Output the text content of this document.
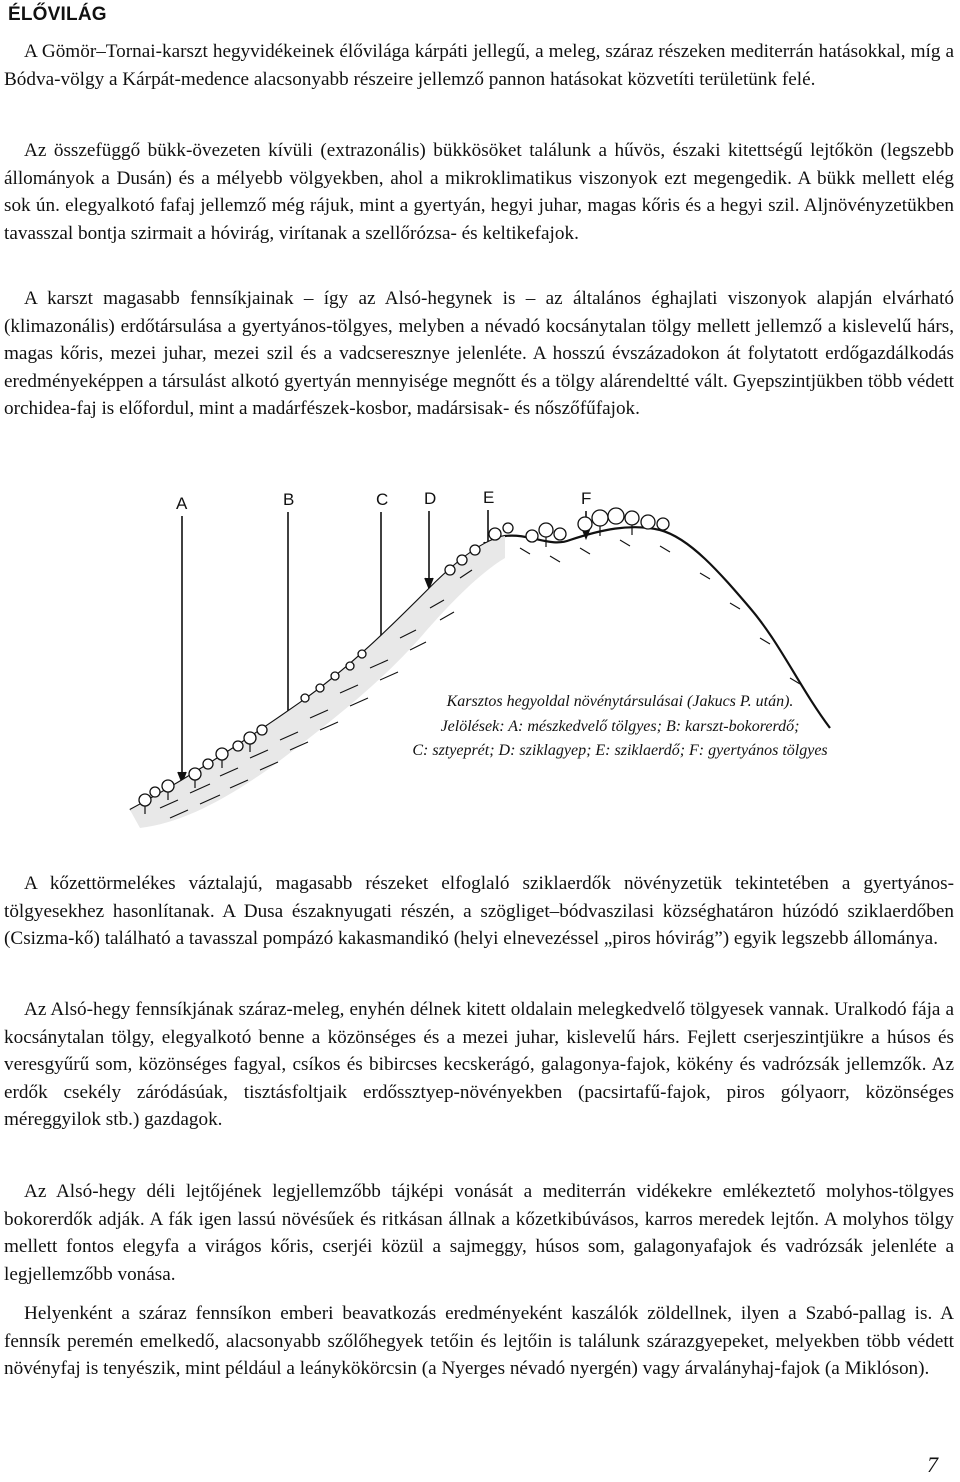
ÉLŐVILÁG

A Gömör–Tornai-karszt hegyvidékeinek élővilága kárpáti jellegű, a meleg, száraz részeken mediterrán hatásokkal, míg a Bódva-völgy a Kárpát-medence alacsonyabb részeire jellemző pannon hatásokat közvetíti területünk felé.

Az összefüggő bükk-övezeten kívüli (extrazonális) bükkösöket találunk a hűvös, északi kitettségű lejtőkön (legszebb állományok a Dusán) és a mélyebb völgyekben, ahol a mikroklimatikus viszonyok ezt megengedik. A bükk mellett elég sok ún. elegyalkotó fafaj jellemző még rájuk, mint a gyertyán, hegyi juhar, magas kőris és a hegyi szil. Aljnövényzetükben tavasszal bontja szirmait a hóvirág, virítanak a szellőrózsa- és keltikefajok.

A karszt magasabb fennsíkjainak – így az Alsó-hegynek is – az általános éghajlati viszonyok alapján elvárható (klimazonális) erdőtársulása a gyertyános-tölgyes, melyben a névadó kocsánytalan tölgy mellett jellemző a kislevelű hárs, magas kőris, mezei juhar, mezei szil és a vadcseresznye jelenléte. A hosszú évszázadokon át folytatott erdőgazdálkodás eredményeképpen a társulást alkotó gyertyán mennyisége megnőtt és a tölgy alárendeltté vált. Gyepszintjükben több védett orchidea-faj is előfordul, mint a madárfészek-kosbor, madársisak- és nőszőfűfajok.

A	B	C D	E	F
Karsztos hegyoldal növénytársulásai (Jakucs P. után).
Jelölések: A: mészkedvelő tölgyes; B: karszt-bokorerdő;
C: sztyeprét; D: sziklagyep; E: sziklaerdő; F: gyertyános tölgyes

A kőzettörmelékes váztalajú, magasabb részeket elfoglaló sziklaerdők növényzetük tekintetében a gyertyános-tölgyesekhez hasonlítanak. A Dusa északnyugati részén, a szögliget–bódvaszilasi községhatáron húzódó sziklaerdőben (Csizma-kő) található a tavasszal pompázó kakasmandikó (helyi elnevezéssel „piros hóvirág”) egyik legszebb állománya.

Az Alsó-hegy fennsíkjának száraz-meleg, enyhén délnek kitett oldalain melegkedvelő tölgyesek vannak. Uralkodó fája a kocsánytalan tölgy, elegyalkotó benne a közönséges és a mezei juhar, kislevelű hárs. Fejlett cserjeszintjükre a húsos és veresgyűrű som, közönséges fagyal, csíkos és bibircses kecskerágó, galagonya-fajok, kökény és vadrózsák jellemzők. Az erdők csekély záródásúak, tisztásfoltjaik erdőssztyep-növényekben (pacsirtafű-fajok, piros gólyaorr, közönséges méreggyilok stb.) gazdagok.

Az Alsó-hegy déli lejtőjének legjellemzőbb tájképi vonását a mediterrán vidékekre emlékeztető molyhos-tölgyes bokorerdők adják. A fák igen lassú növésűek és ritkásan állnak a kőzetkibúvásos, karros meredek lejtőn. A molyhos tölgy mellett fontos elegyfa a virágos kőris, cserjéi közül a sajmeggy, húsos som, galagonyafajok és vadrózsák jelenléte a legjellemzőbb vonása.

Helyenként a száraz fennsíkon emberi beavatkozás eredményeként kaszálók zöldellnek, ilyen a Szabó-pallag is. A fennsík peremén emelkedő, alacsonyabb szőlőhegyek tetőin és lejtőin is találunk szárazgyepeket, melyekben több védett növényfaj is tenyészik, mint például a leánykökörcsin (a Nyerges névadó nyergén) vagy árvalányhaj-fajok (a Miklóson).

7
